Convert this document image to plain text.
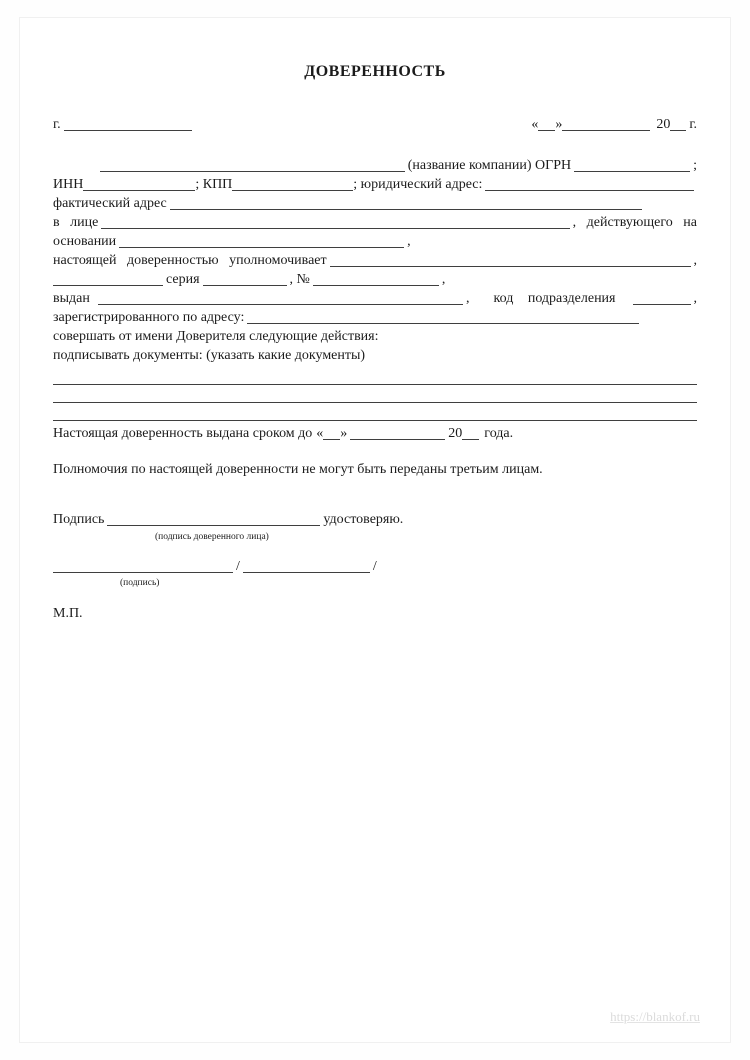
ДОВЕРЕННОСТЬ
г.	« »	20 г.
(название компании) ОГРН	;
ИНН	; КПП	; юридический адрес:
фактический адрес
в лице	, действующего на
основании	,
настоящей доверенностью уполномочивает	,
серия	, №	,
выдан	,	код подразделения	,
зарегистрированного по адресу:
совершать от имени Доверителя следующие действия:
подписывать документы: (указать какие документы)
Настоящая доверенность выдана сроком до « »	20 года.
Полномочия по настоящей доверенности не могут быть переданы третьим лицам.
Подпись	удостоверяю.
(подпись доверенного лица)
/	/
(подпись)
М.П.
https://blankof.ru
